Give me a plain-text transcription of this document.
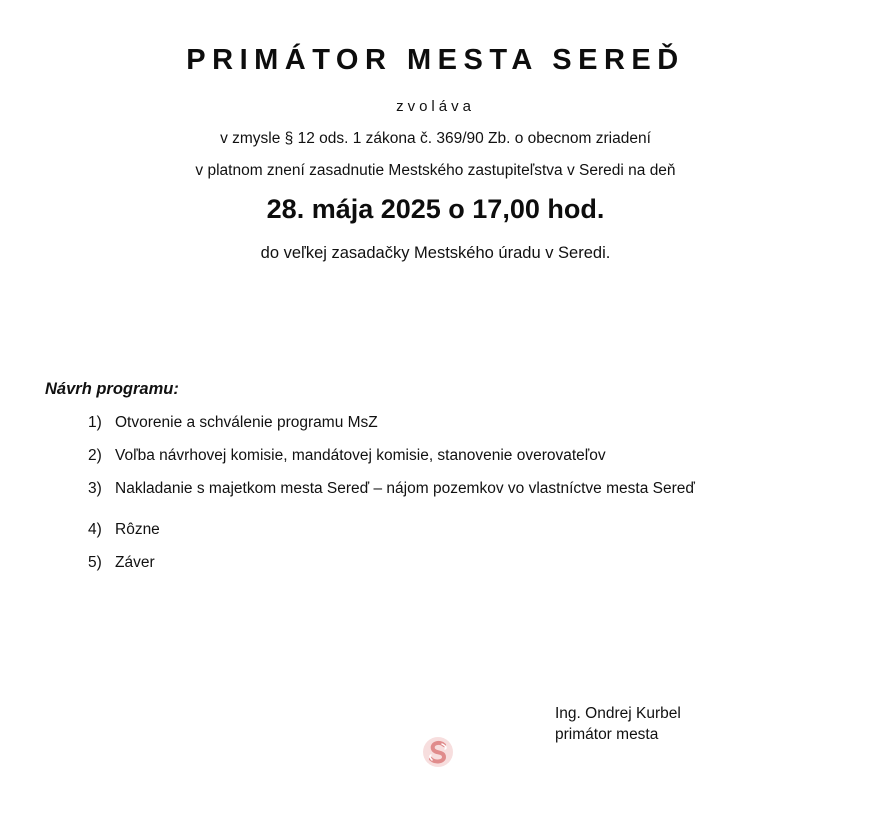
PRIMÁTOR MESTA SEREĎ
zvoláva
v zmysle § 12 ods. 1 zákona č. 369/90 Zb. o obecnom zriadení
v platnom znení zasadnutie Mestského zastupiteľstva v Seredi na deň
28. mája 2025 o 17,00 hod.
do veľkej zasadačky Mestského úradu v Seredi.
Návrh programu:
1) Otvorenie a schválenie programu MsZ
2) Voľba návrhovej komisie, mandátovej komisie, stanovenie overovateľov
3) Nakladanie s majetkom mesta Sereď – nájom pozemkov vo vlastníctve mesta Sereď
4) Rôzne
5) Záver
Ing. Ondrej Kurbel
primátor mesta
